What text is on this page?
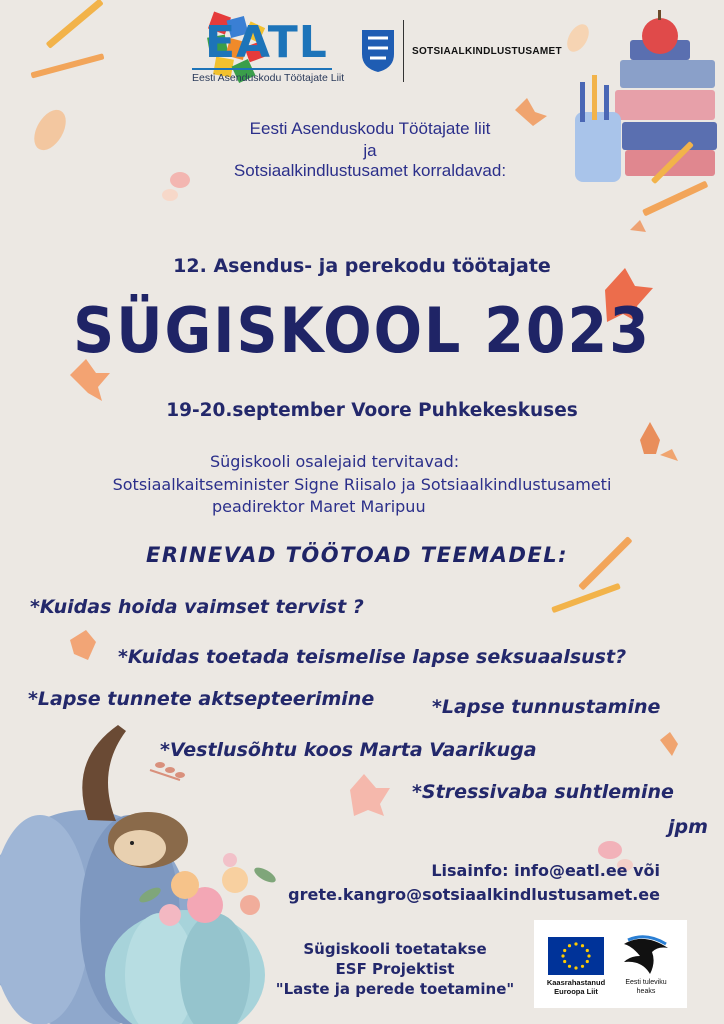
EATL
Eesti Asenduskodu Töötajate Liit
SOTSIAALKINDLUSTUSAMET
Eesti Asenduskodu Töötajate liit
ja
Sotsiaalkindlustusamet korraldavad:
12. Asendus- ja perekodu töötajate
SÜGISKOOL 2023
19-20.september Voore Puhkekeskuses
Sügiskooli osalejaid tervitavad:
Sotsiaalkaitseminister Signe Riisalo ja Sotsiaalkindlustusameti
peadirektor Maret Maripuu
ERINEVAD TÖÖTOAD TEEMADEL:
*Kuidas hoida vaimset tervist ?
*Kuidas toetada teismelise lapse seksuaalsust?
*Lapse tunnete aktsepteerimine	*Lapse tunnustamine
*Vestlusõhtu koos Marta Vaarikuga
*Stressivaba suhtlemine
jpm
Lisainfo: info@eatl.ee või
grete.kangro@sotsiaalkindlustusamet.ee
Sügiskooli toetatakse
ESF Projektist
"Laste ja perede toetamine"	Kaasrahastanud Euroopa Liit
Eesti tuleviku heaks
